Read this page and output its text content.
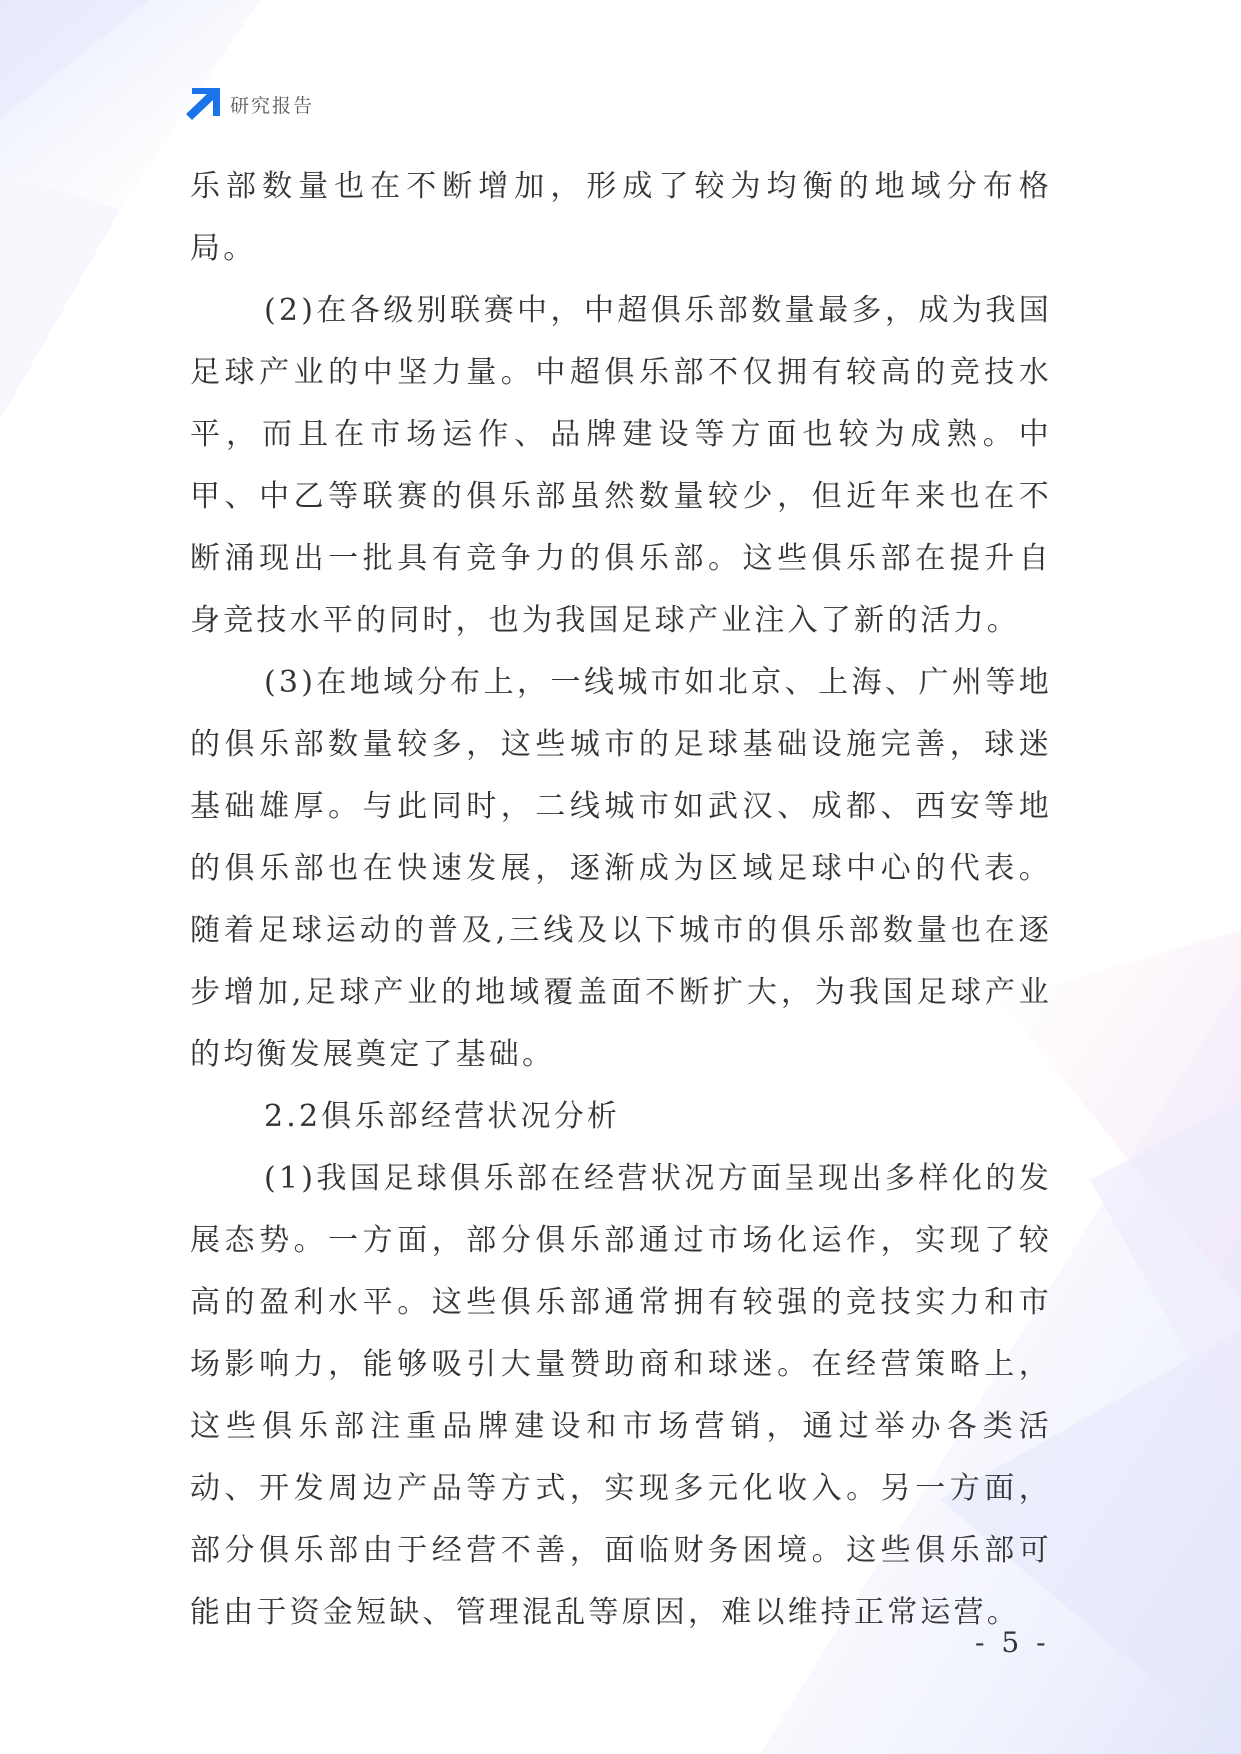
研究报告

乐部数量也在不断增加，形成了较为均衡的地域分布格局。

(2)在各级别联赛中，中超俱乐部数量最多，成为我国足球产业的中坚力量。中超俱乐部不仅拥有较高的竞技水平，而且在市场运作、品牌建设等方面也较为成熟。中甲、中乙等联赛的俱乐部虽然数量较少，但近年来也在不断涌现出一批具有竞争力的俱乐部。这些俱乐部在提升自身竞技水平的同时，也为我国足球产业注入了新的活力。

(3)在地域分布上，一线城市如北京、上海、广州等地的俱乐部数量较多，这些城市的足球基础设施完善，球迷基础雄厚。与此同时，二线城市如武汉、成都、西安等地的俱乐部也在快速发展，逐渐成为区域足球中心的代表。随着足球运动的普及,三线及以下城市的俱乐部数量也在逐步增加,足球产业的地域覆盖面不断扩大，为我国足球产业的均衡发展奠定了基础。

2.2俱乐部经营状况分析

(1)我国足球俱乐部在经营状况方面呈现出多样化的发展态势。一方面，部分俱乐部通过市场化运作，实现了较高的盈利水平。这些俱乐部通常拥有较强的竞技实力和市场影响力，能够吸引大量赞助商和球迷。在经营策略上，这些俱乐部注重品牌建设和市场营销，通过举办各类活动、开发周边产品等方式，实现多元化收入。另一方面，部分俱乐部由于经营不善，面临财务困境。这些俱乐部可能由于资金短缺、管理混乱等原因，难以维持正常运营。

- 5 -
